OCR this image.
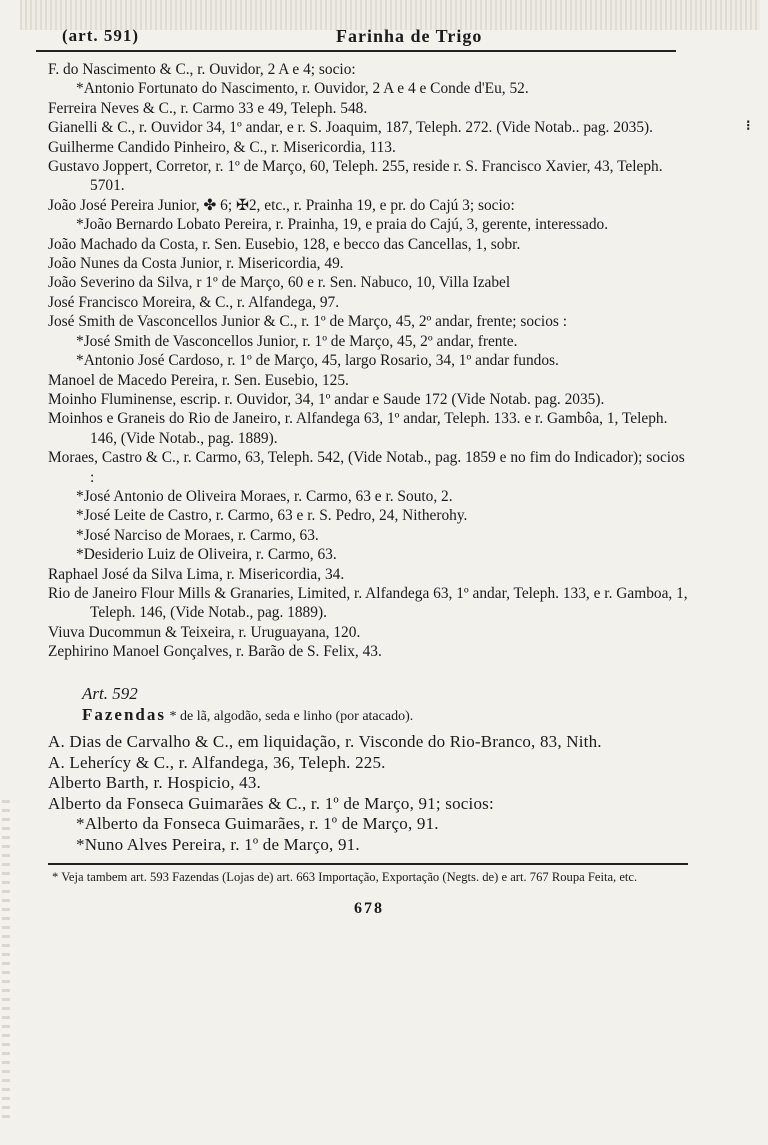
⁝
(art. 591)	Farinha de Trigo

F. do Nascimento & C., r. Ouvidor, 2 A e 4; socio:

*Antonio Fortunato do Nascimento, r. Ouvidor, 2 A e 4 e Conde d'Eu, 52.

Ferreira Neves & C., r. Carmo 33 e 49, Teleph. 548.

Gianelli & C., r. Ouvidor 34, 1º andar, e r. S. Joaquim, 187, Teleph. 272. (Vide Notab.. pag. 2035).

Guilherme Candido Pinheiro, & C., r. Misericordia, 113.

Gustavo Joppert, Corretor, r. 1º de Março, 60, Teleph. 255, reside r. S. Francisco Xavier, 43, Teleph. 5701.

João José Pereira Junior, ✤ 6; ✠2, etc., r. Prainha 19, e pr. do Cajú 3; socio:

*João Bernardo Lobato Pereira, r. Prainha, 19, e praia do Cajú, 3, gerente, interessado.

João Machado da Costa, r. Sen. Eusebio, 128, e becco das Cancellas, 1, sobr.

João Nunes da Costa Junior, r. Misericordia, 49.

João Severino da Silva, r 1º de Março, 60 e r. Sen. Nabuco, 10, Villa Izabel

José Francisco Moreira, & C., r. Alfandega, 97.

José Smith de Vasconcellos Junior & C., r. 1º de Março, 45, 2º andar, frente; socios :

*José Smith de Vasconcellos Junior, r. 1º de Março, 45, 2º andar, frente.

*Antonio José Cardoso, r. 1º de Março, 45, largo Rosario, 34, 1º andar fundos.

Manoel de Macedo Pereira, r. Sen. Eusebio, 125.

Moinho Fluminense, escrip. r. Ouvidor, 34, 1º andar e Saude 172 (Vide Notab. pag. 2035).

Moinhos e Graneis do Rio de Janeiro, r. Alfandega 63, 1º andar, Teleph. 133. e r. Gambôa, 1, Teleph. 146, (Vide Notab., pag. 1889).

Moraes, Castro & C., r. Carmo, 63, Teleph. 542, (Vide Notab., pag. 1859 e no fim do Indicador); socios :

*José Antonio de Oliveira Moraes, r. Carmo, 63 e r. Souto, 2.

*José Leite de Castro, r. Carmo, 63 e r. S. Pedro, 24, Nitherohy.

*José Narciso de Moraes, r. Carmo, 63.

*Desiderio Luiz de Oliveira, r. Carmo, 63.

Raphael José da Silva Lima, r. Misericordia, 34.

Rio de Janeiro Flour Mills & Granaries, Limited, r. Alfandega 63, 1º andar, Teleph. 133, e r. Gamboa, 1, Teleph. 146, (Vide Notab., pag. 1889).

Viuva Ducommun & Teixeira, r. Uruguayana, 120.

Zephirino Manoel Gonçalves, r. Barão de S. Felix, 43.

Art. 592

Fazendas * de lã, algodão, seda e linho (por atacado).

A. Dias de Carvalho & C., em liquidação, r. Visconde do Rio-Branco, 83, Nith.

A. Leherícy & C., r. Alfandega, 36, Teleph. 225.

Alberto Barth, r. Hospicio, 43.

Alberto da Fonseca Guimarães & C., r. 1º de Março, 91; socios:

*Alberto da Fonseca Guimarães, r. 1º de Março, 91.

*Nuno Alves Pereira, r. 1º de Março, 91.

* Veja tambem art. 593 Fazendas (Lojas de) art. 663 Importação, Exportação (Negts. de) e art. 767 Roupa Feita, etc.

678
